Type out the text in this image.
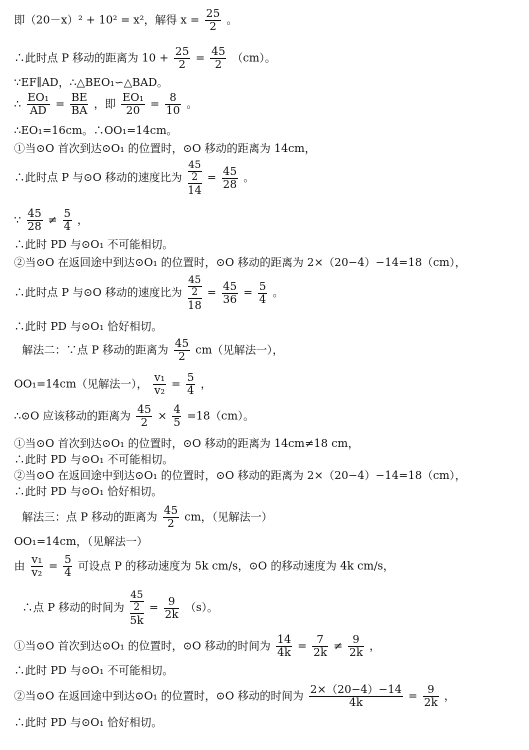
即（20－x）² + 10² = x²，解得 $x = \frac{25}{2}$ 。
∴此时点 P 移动的距离为 $10 + \frac{25}{2} = \frac{45}{2} (cm)$。
∵EF∥AD，∴△BEO₁∽△BAD。
∴ $\frac{\text{EO₁}}{AD} = \frac{BE}{BA}$ ，即 $\frac{\text{EO₁}}{20} = \frac{8}{10}$ 。
∴EO₁=16cm。∴OO₁=14cm。
①当⊙O 首次到达⊙O₁ 的位置时，⊙O 移动的距离为 14cm，
∴此时点 P 与⊙O 移动的速度比为 45
2
$14 = \frac{45}{28}$ 。
∵ $\frac{45}{28} \ne \frac{5}{4}$ ，
∴此时 PD 与⊙O₁ 不可能相切。
②当⊙O 在返回途中到达⊙O₁ 的位置时，⊙O 移动的距离为 2×（20−4）−14=18（cm），
∴此时点 P 与⊙O 移动的速度比为 45
2
$18 = \frac{45}{36} = \frac{5}{4}$ 。
∴此时 PD 与⊙O₁ 恰好相切。
解法二：∵点 P 移动的距离为 $\frac{45}{2} cm$（见解法一），
OO₁=14cm（见解法一）， $\frac{\text{v₁}}{\text{v₂}} = \frac{5}{4}$ ，
∴⊙O 应该移动的距离为 $\frac{45}{2} \times \frac{4}{5} =18(cm)$。
①当⊙O 首次到达⊙O₁ 的位置时，⊙O 移动的距离为 14cm≠18 cm，
∴此时 PD 与⊙O₁ 不可能相切。
②当⊙O 在返回途中到达⊙O₁ 的位置时，⊙O 移动的距离为 2×（20−4）−14=18（cm），
∴此时 PD 与⊙O₁ 恰好相切。
解法三：点 P 移动的距离为 $\frac{45}{2}$ cm，（见解法一）
OO₁=14cm，（见解法一）
由 $\frac{\text{v₁}}{\text{v₂}} = \frac{5}{4}$ 可设点 P 的移动速度为 5k cm/s，⊙O 的移动速度为 4k cm/s，
∴点 P 移动的时间为 45
2
$5k = \frac{9}{2k} (s)$。
①当⊙O 首次到达⊙O₁ 的位置时，⊙O 移动的时间为 $\frac{14}{4k} = \frac{7}{2k} \ne \frac{9}{2k}$ ，
∴此时 PD 与⊙O₁ 不可能相切。
②当⊙O 在返回途中到达⊙O₁ 的位置时，⊙O 移动的时间为 $\frac{2\times(20-4)-14}{4k} = \frac{9}{2k}$ ，
∴此时 PD 与⊙O₁ 恰好相切。
